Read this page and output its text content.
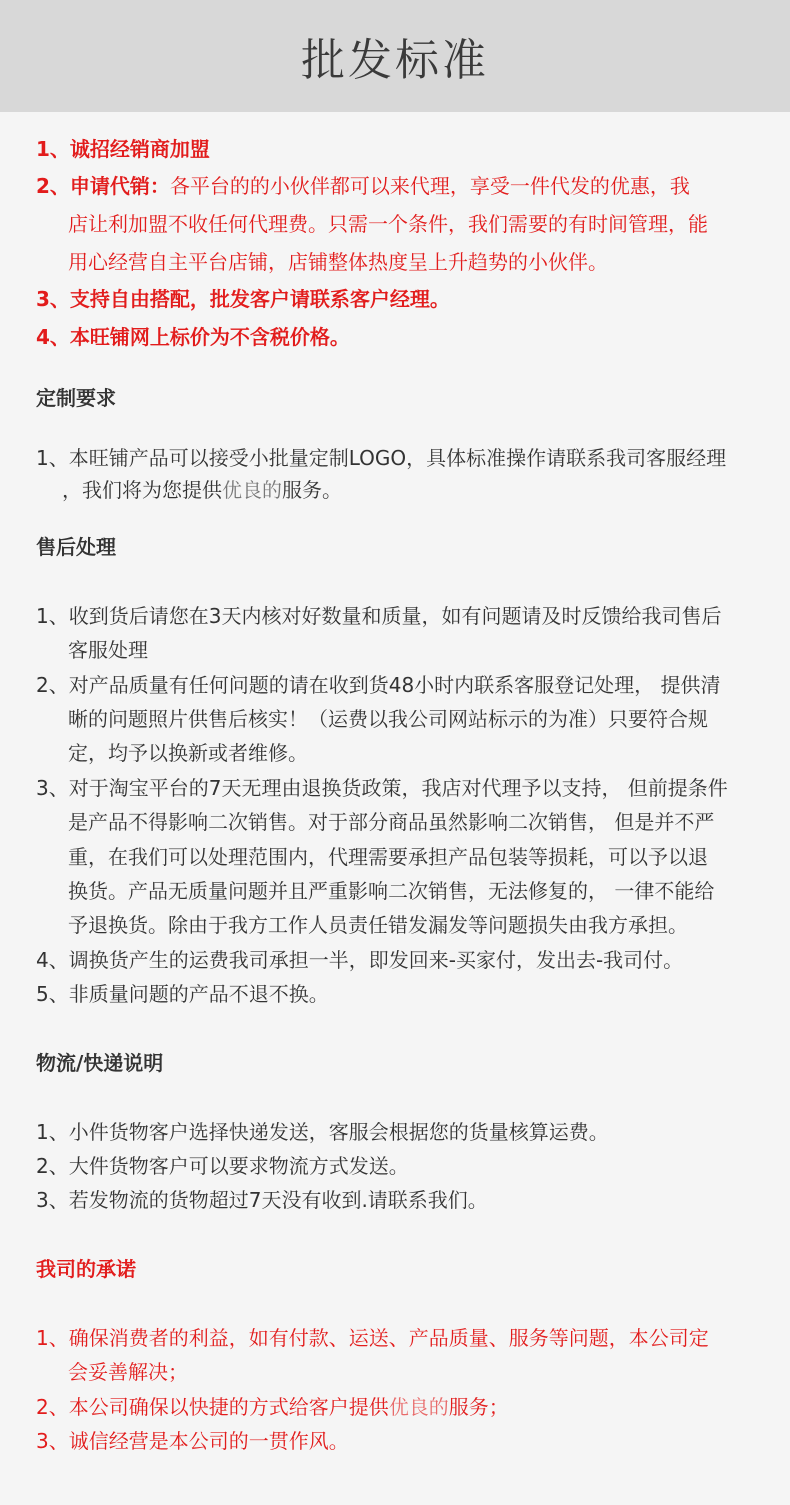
批发标准
1、诚招经销商加盟
2、申请代销：各平台的的小伙伴都可以来代理，享受一件代发的优惠，我
店让利加盟不收任何代理费。只需一个条件，我们需要的有时间管理，能
用心经营自主平台店铺，店铺整体热度呈上升趋势的小伙伴。
3、支持自由搭配，批发客户请联系客户经理。
4、本旺铺网上标价为不含税价格。
定制要求
1、本旺铺产品可以接受小批量定制LOGO，具体标准操作请联系我司客服经理
，我们将为您提供优良的服务。
售后处理
1、收到货后请您在3天内核对好数量和质量，如有问题请及时反馈给我司售后
客服处理
2、对产品质量有任何问题的请在收到货48小时内联系客服登记处理， 提供清
晰的问题照片供售后核实！（运费以我公司网站标示的为准）只要符合规
定，均予以换新或者维修。
3、对于淘宝平台的7天无理由退换货政策，我店对代理予以支持， 但前提条件
是产品不得影响二次销售。对于部分商品虽然影响二次销售， 但是并不严
重，在我们可以处理范围内，代理需要承担产品包装等损耗，可以予以退
换货。产品无质量问题并且严重影响二次销售，无法修复的， 一律不能给
予退换货。除由于我方工作人员责任错发漏发等问题损失由我方承担。
4、调换货产生的运费我司承担一半，即发回来-买家付，发出去-我司付。
5、非质量问题的产品不退不换。
物流/快递说明
1、小件货物客户选择快递发送，客服会根据您的货量核算运费。
2、大件货物客户可以要求物流方式发送。
3、若发物流的货物超过7天没有收到.请联系我们。
我司的承诺
1、确保消费者的利益，如有付款、运送、产品质量、服务等问题，本公司定
会妥善解决；
2、本公司确保以快捷的方式给客户提供优良的服务；
3、诚信经营是本公司的一贯作风。
